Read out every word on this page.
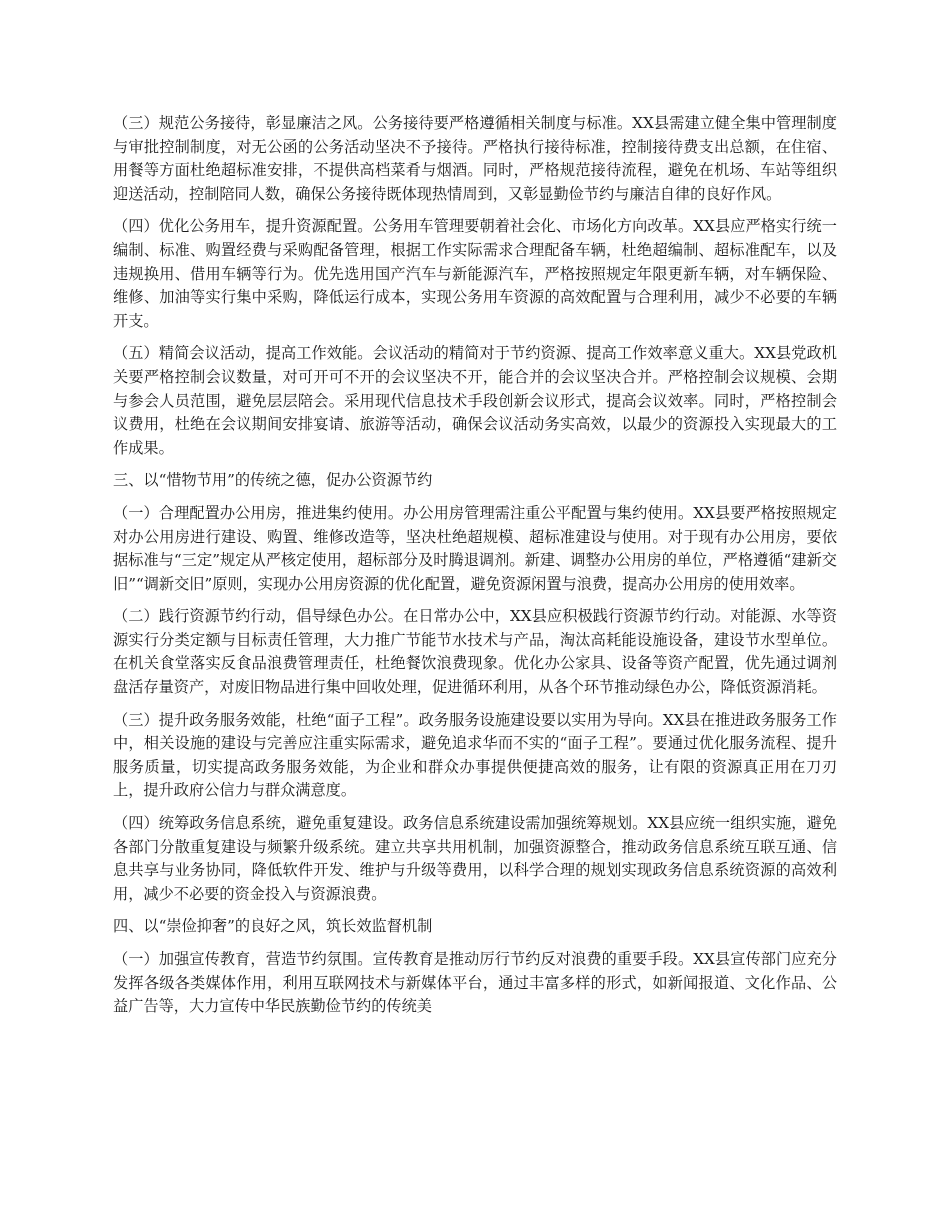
（三）规范公务接待，彰显廉洁之风。公务接待要严格遵循相关制度与标准。XX县需建立健全集中管理制度与审批控制制度，对无公函的公务活动坚决不予接待。严格执行接待标准，控制接待费支出总额，在住宿、用餐等方面杜绝超标准安排，不提供高档菜肴与烟酒。同时，严格规范接待流程，避免在机场、车站等组织迎送活动，控制陪同人数，确保公务接待既体现热情周到，又彰显勤俭节约与廉洁自律的良好作风。

（四）优化公务用车，提升资源配置。公务用车管理要朝着社会化、市场化方向改革。XX县应严格实行统一编制、标准、购置经费与采购配备管理，根据工作实际需求合理配备车辆，杜绝超编制、超标准配车，以及违规换用、借用车辆等行为。优先选用国产汽车与新能源汽车，严格按照规定年限更新车辆，对车辆保险、维修、加油等实行集中采购，降低运行成本，实现公务用车资源的高效配置与合理利用，减少不必要的车辆开支。

（五）精简会议活动，提高工作效能。会议活动的精简对于节约资源、提高工作效率意义重大。XX县党政机关要严格控制会议数量，对可开可不开的会议坚决不开，能合并的会议坚决合并。严格控制会议规模、会期与参会人员范围，避免层层陪会。采用现代信息技术手段创新会议形式，提高会议效率。同时，严格控制会议费用，杜绝在会议期间安排宴请、旅游等活动，确保会议活动务实高效，以最少的资源投入实现最大的工作成果。

三、以“惜物节用”的传统之德，促办公资源节约

（一）合理配置办公用房，推进集约使用。办公用房管理需注重公平配置与集约使用。XX县要严格按照规定对办公用房进行建设、购置、维修改造等，坚决杜绝超规模、超标准建设与使用。对于现有办公用房，要依据标准与“三定”规定从严核定使用，超标部分及时腾退调剂。新建、调整办公用房的单位，严格遵循“建新交旧”“调新交旧”原则，实现办公用房资源的优化配置，避免资源闲置与浪费，提高办公用房的使用效率。

（二）践行资源节约行动，倡导绿色办公。在日常办公中，XX县应积极践行资源节约行动。对能源、水等资源实行分类定额与目标责任管理，大力推广节能节水技术与产品，淘汰高耗能设施设备，建设节水型单位。在机关食堂落实反食品浪费管理责任，杜绝餐饮浪费现象。优化办公家具、设备等资产配置，优先通过调剂盘活存量资产，对废旧物品进行集中回收处理，促进循环利用，从各个环节推动绿色办公，降低资源消耗。

（三）提升政务服务效能，杜绝“面子工程”。政务服务设施建设要以实用为导向。XX县在推进政务服务工作中，相关设施的建设与完善应注重实际需求，避免追求华而不实的“面子工程”。要通过优化服务流程、提升服务质量，切实提高政务服务效能，为企业和群众办事提供便捷高效的服务，让有限的资源真正用在刀刃上，提升政府公信力与群众满意度。

（四）统筹政务信息系统，避免重复建设。政务信息系统建设需加强统筹规划。XX县应统一组织实施，避免各部门分散重复建设与频繁升级系统。建立共享共用机制，加强资源整合，推动政务信息系统互联互通、信息共享与业务协同，降低软件开发、维护与升级等费用，以科学合理的规划实现政务信息系统资源的高效利用，减少不必要的资金投入与资源浪费。

四、以“崇俭抑奢”的良好之风，筑长效监督机制

（一）加强宣传教育，营造节约氛围。宣传教育是推动厉行节约反对浪费的重要手段。XX县宣传部门应充分发挥各级各类媒体作用，利用互联网技术与新媒体平台，通过丰富多样的形式，如新闻报道、文化作品、公益广告等，大力宣传中华民族勤俭节约的传统美
